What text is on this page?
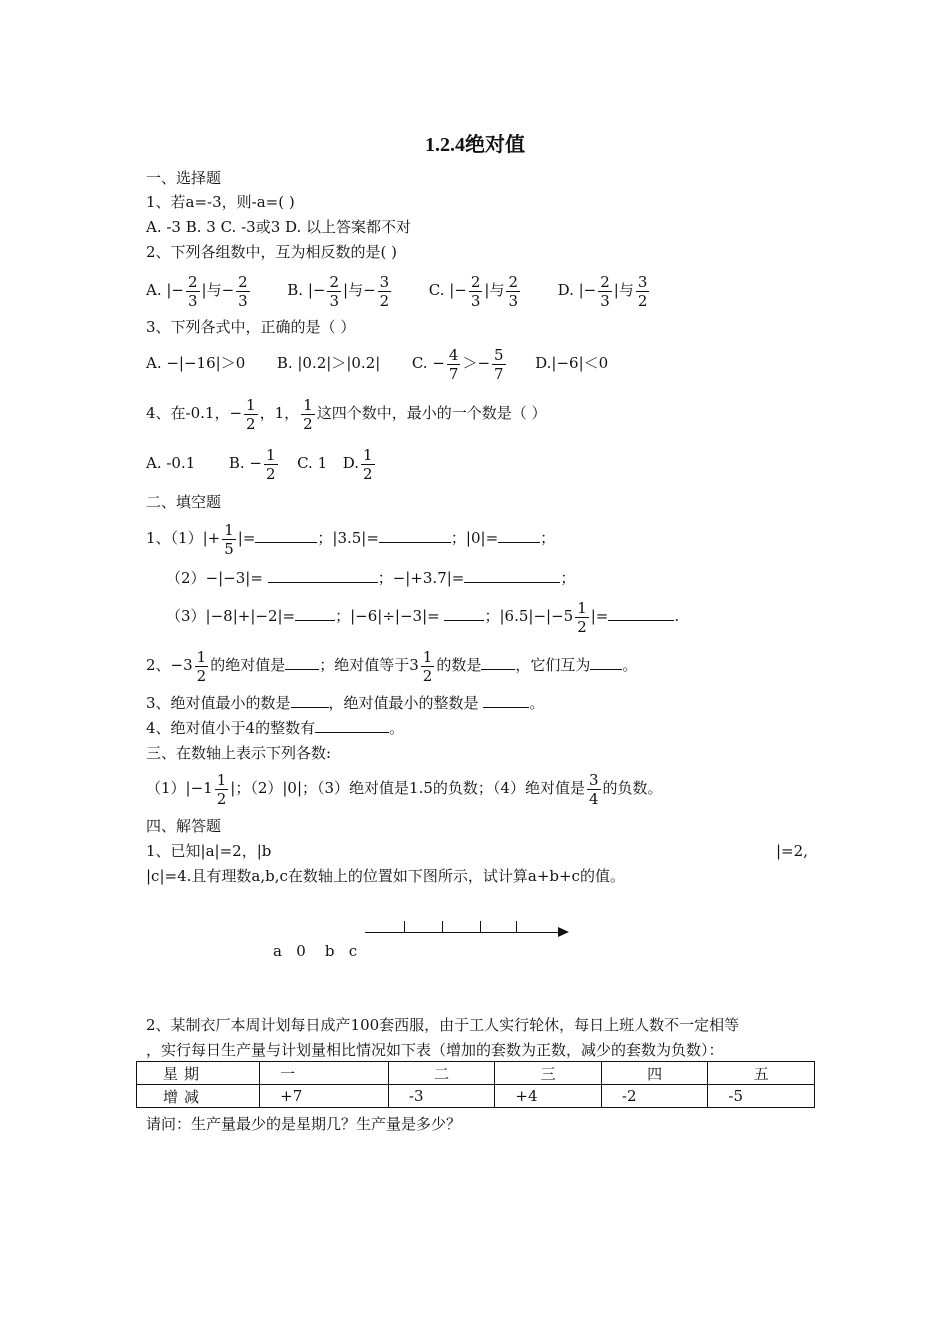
1.2.4绝对值
一、选择题
1、若a=-3，则-a=( )
A. -3 B. 3 C. -3或3 D. 以上答案都不对
2、下列各组数中，互为相反数的是( )
A. |− $\frac{2}{3}$ |与− $\frac{2}{3}$	B. |− $\frac{2}{3}$ |与− $\frac{3}{2}$	C. |− $\frac{2}{3}$ |与 $\frac{2}{3}$	D. |− $\frac{2}{3}$ |与 $\frac{3}{2}$
3、下列各式中，正确的是（ ）
A. −|−16|＞0 B. |0.2|＞|0.2| C. − $\frac{4}{7} >- \frac{5}{7} D.|-6|<0$
4、在-0.1，− $\frac{1}{2}$ ，1， $\frac{1}{2}$ 这四个数中，最小的一个数是（ ）
A. -0.1 B. − $\frac{1}{2} C$. 1 D. $\frac{1}{2}$
二、填空题
1、$(1)|+ \frac{1}{5}$ |=	；|3.5|=	；|0|=	；
（2）−|−3|=	；−|+3.7|=	；
（3）|−8|+|−2|=	；|−6|÷|−3|=	；$|6.5|-|-5 \frac{1}{2}$ |=	.
2、$-3 \frac{1}{2}$ 的绝对值是 ；绝对值等于$3 \frac{1}{2}$ 的数是 ，它们互为 。
3、绝对值最小的数是	，绝对值最小的整数是	。
4、绝对值小于4的整数有	。
三、在数轴上表示下列各数:
$(1)|-1 \frac{1}{2}$ |；（2）|0|；（3）绝对值是1.5的负数；（4）绝对值是 $\frac{3}{4}$ 的负数。
四、解答题
1、已知|a|=2，|b	|=2,
|c|=4.且有理数a,b,c在数轴上的位置如下图所示，试计算a+b+c的值。
a   0    b   c
2、某制衣厂本周计划每日成产100套西服，由于工人实行轮休，每日上班人数不一定相等
，实行每日生产量与计划量相比情况如下表（增加的套数为正数，减少的套数为负数）：
星期	一	二	三	四	五
增减	+7	-3	+4	-2	-5
请问：生产量最少的是星期几？生产量是多少？
